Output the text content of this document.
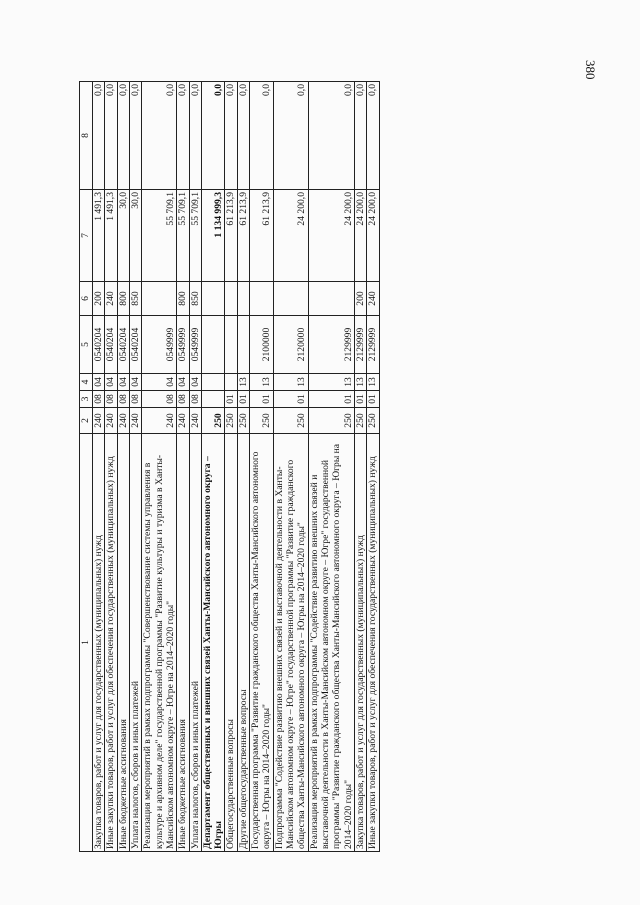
380
1	2	3	4	5	6	7	8
Закупка товаров, работ и услуг для государственных (муниципальных) нужд	240	08	04	0540204	200	1 491,3	0,0
Иные закупки товаров, работ и услуг для обеспечения государственных (муниципальных) нужд	240	08	04	0540204	240	1 491,3	0,0
Иные бюджетные ассигнования	240	08	04	0540204	800	30,0	0,0
Уплата налогов, сборов и иных платежей	240	08	04	0540204	850	30,0	0,0
Реализация мероприятий в рамках подпрограммы "Совершенствование системы управления в культуре и архивном деле" государственной программы "Развитие культуры и туризма в Ханты-Мансийском автономном округе – Югре на 2014–2020 годы"	240	08	04	0549999		55 709,1	0,0
Иные бюджетные ассигнования	240	08	04	0549999	800	55 709,1	0,0
Уплата налогов, сборов и иных платежей	240	08	04	0549999	850	55 709,1	0,0
Департамент общественных и внешних связей Ханты-Мансийского автономного округа – Югры	250					1 134 999,3	0,0
Общегосударственные вопросы	250	01				61 213,9	0,0
Другие общегосударственные вопросы	250	01	13			61 213,9	0,0
Государственная программа "Развитие гражданского общества Ханты-Мансийского автономного округа – Югры на 2014–2020 годы"	250	01	13	2100000		61 213,9	0,0
Подпрограмма "Содействие развитию внешних связей и выставочной деятельности в Ханты-Мансийском автономном округе – Югре" государственной программы "Развитие гражданского общества Ханты-Мансийского автономного округа – Югры на 2014–2020 годы"	250	01	13	2120000		24 200,0	0,0
Реализация мероприятий в рамках подпрограммы "Содействие развитию внешних связей и выставочной деятельности в Ханты-Мансийском автономном округе – Югре" государственной программы "Развитие гражданского общества Ханты-Мансийского автономного округа – Югры на 2014–2020 годы"	250	01	13	2129999		24 200,0	0,0
Закупка товаров, работ и услуг для государственных (муниципальных) нужд	250	01	13	2129999	200	24 200,0	0,0
Иные закупки товаров, работ и услуг для обеспечения государственных (муниципальных) нужд	250	01	13	2129999	240	24 200,0	0,0
